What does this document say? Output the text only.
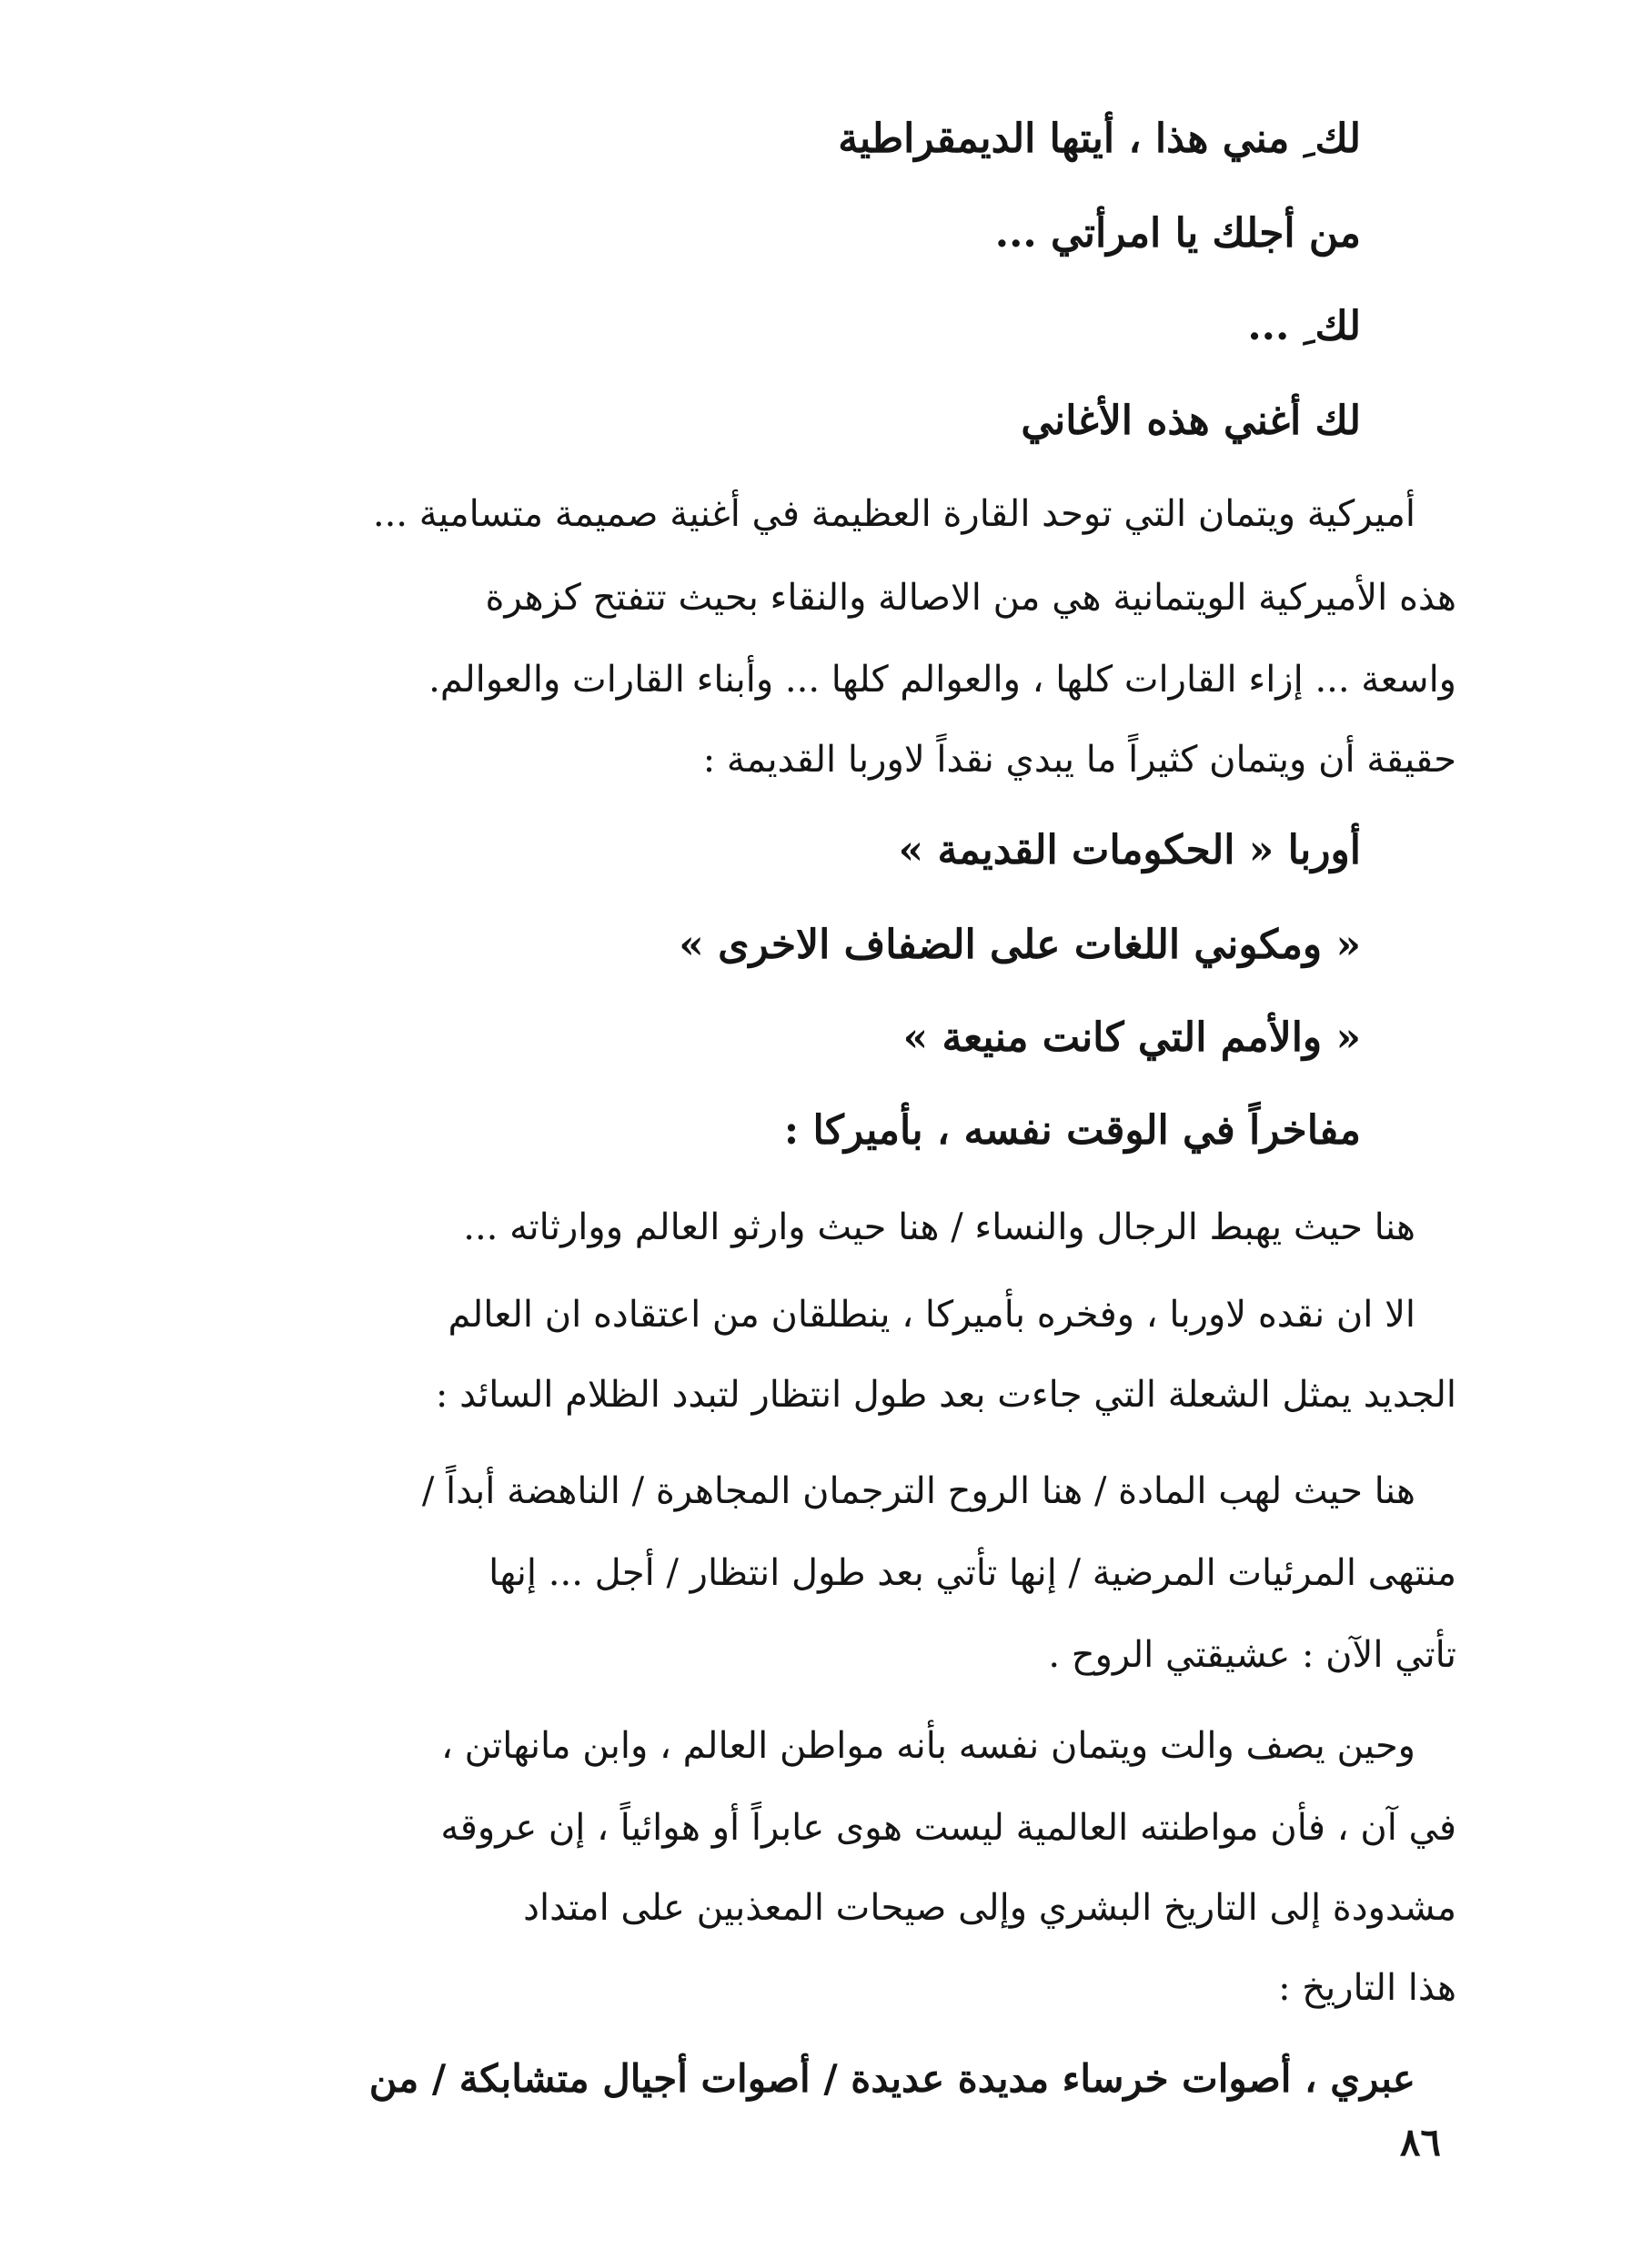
لك ِ مني هذا ، أيتها الديمقراطية
من أجلك يا امرأتي ...
لك ِ ...
لك أغني هذه الأغاني
أميركية ويتمان التي توحد القارة العظيمة في أغنية صميمة متسامية ...
هذه الأميركية الويتمانية هي من الاصالة والنقاء بحيث تتفتح كزهرة
واسعة ... إزاء القارات كلها ، والعوالم كلها ... وأبناء القارات والعوالم.
حقيقة أن ويتمان كثيراً ما يبدي نقداً لاوربا القديمة :
أوربا « الحكومات القديمة »
« ومكوني اللغات على الضفاف الاخرى »
« والأمم التي كانت منيعة »
مفاخراً في الوقت نفسه ، بأميركا :
هنا حيث يهبط الرجال والنساء / هنا حيث وارثو العالم ووارثاته ...
الا ان نقده لاوربا ، وفخره بأميركا ، ينطلقان من اعتقاده ان العالم
الجديد يمثل الشعلة التي جاءت بعد طول انتظار لتبدد الظلام السائد :
هنا حيث لهب المادة / هنا الروح الترجمان المجاهرة / الناهضة أبداً /
منتهى المرئيات المرضية / إنها تأتي بعد طول انتظار / أجل ... إنها
تأتي الآن : عشيقتي الروح .
وحين يصف والت ويتمان نفسه بأنه مواطن العالم ، وابن مانهاتن ،
في آن ، فأن مواطنته العالمية ليست هوى عابراً أو هوائياً ، إن عروقه
مشدودة إلى التاريخ البشري وإلى صيحات المعذبين على امتداد
هذا التاريخ :
عبري ، أصوات خرساء مديدة عديدة / أصوات أجيال متشابكة / من
٨٦
